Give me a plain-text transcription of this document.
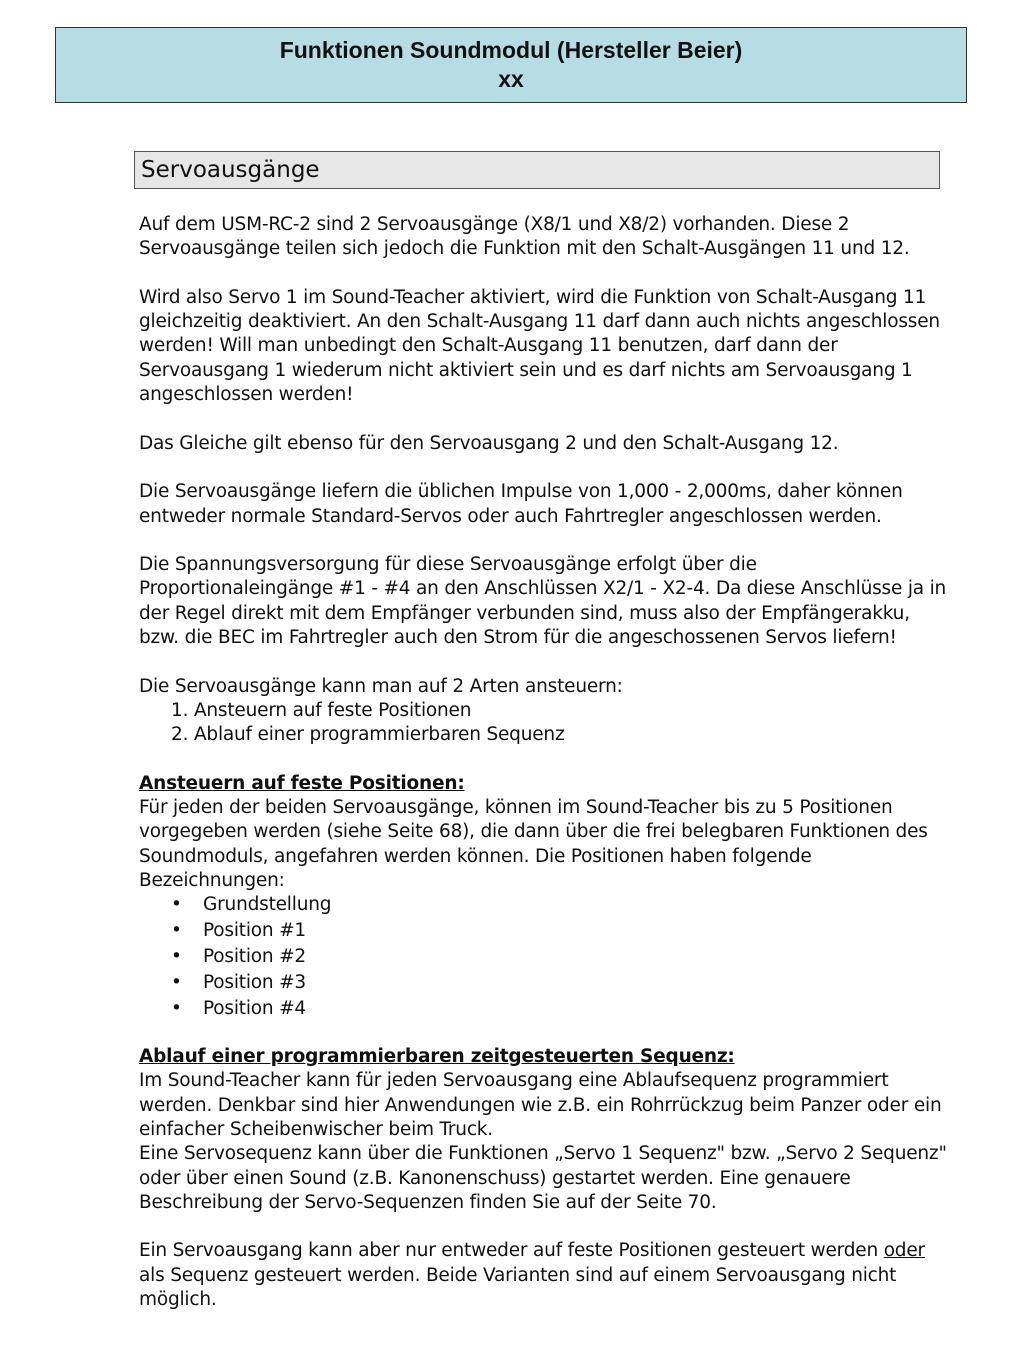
Funktionen Soundmodul (Hersteller Beier)
xx
Servoausgänge

Auf dem USM-RC-2 sind 2 Servoausgänge (X8/1 und X8/2) vorhanden. Diese 2 Servoausgänge teilen sich jedoch die Funktion mit den Schalt-Ausgängen 11 und 12.

Wird also Servo 1 im Sound-Teacher aktiviert, wird die Funktion von Schalt-Ausgang 11 gleichzeitig deaktiviert. An den Schalt-Ausgang 11 darf dann auch nichts angeschlossen werden! Will man unbedingt den Schalt-Ausgang 11 benutzen, darf dann der Servoausgang 1 wiederum nicht aktiviert sein und es darf nichts am Servoausgang 1 angeschlossen werden!

Das Gleiche gilt ebenso für den Servoausgang 2 und den Schalt-Ausgang 12.

Die Servoausgänge liefern die üblichen Impulse von 1,000 - 2,000ms, daher können entweder normale Standard-Servos oder auch Fahrtregler angeschlossen werden.

Die Spannungsversorgung für diese Servoausgänge erfolgt über die Proportionaleingänge #1 - #4 an den Anschlüssen X2/1 - X2-4. Da diese Anschlüsse ja in der Regel direkt mit dem Empfänger verbunden sind, muss also der Empfängerakku, bzw. die BEC im Fahrtregler auch den Strom für die angeschossenen Servos liefern!

Die Servoausgänge kann man auf 2 Arten ansteuern:

1. Ansteuern auf feste Positionen
2. Ablauf einer programmierbaren Sequenz
Ansteuern auf feste Positionen:

Für jeden der beiden Servoausgänge, können im Sound-Teacher bis zu 5 Positionen vorgegeben werden (siehe Seite 68), die dann über die frei belegbaren Funktionen des Soundmoduls, angefahren werden können. Die Positionen haben folgende Bezeichnungen:

• Grundstellung
• Position #1
• Position #2
• Position #3
• Position #4
Ablauf einer programmierbaren zeitgesteuerten Sequenz:

Im Sound-Teacher kann für jeden Servoausgang eine Ablaufsequenz programmiert werden. Denkbar sind hier Anwendungen wie z.B. ein Rohrrückzug beim Panzer oder ein einfacher Scheibenwischer beim Truck.

Eine Servosequenz kann über die Funktionen „Servo 1 Sequenz" bzw. „Servo 2 Sequenz" oder über einen Sound (z.B. Kanonenschuss) gestartet werden. Eine genauere Beschreibung der Servo-Sequenzen finden Sie auf der Seite 70.

Ein Servoausgang kann aber nur entweder auf feste Positionen gesteuert werden oder als Sequenz gesteuert werden. Beide Varianten sind auf einem Servoausgang nicht möglich.
